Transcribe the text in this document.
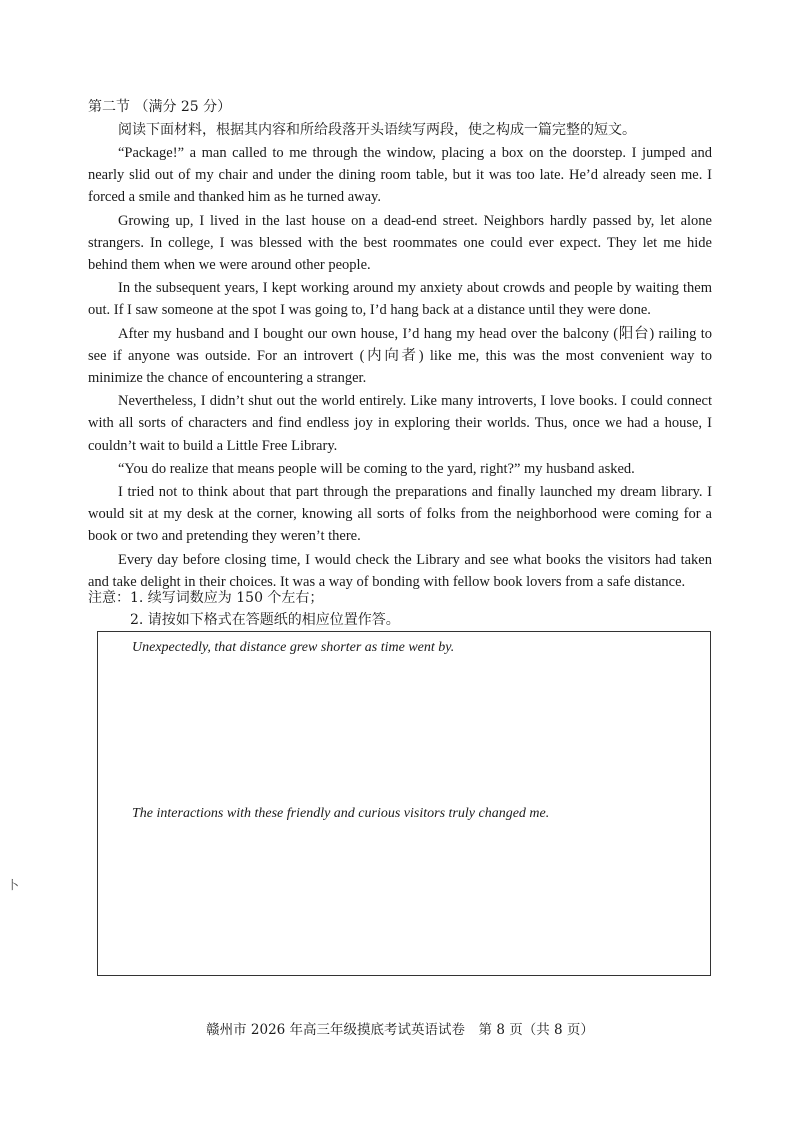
第二节 （满分 25 分）
阅读下面材料，根据其内容和所给段落开头语续写两段，使之构成一篇完整的短文。

“Package!” a man called to me through the window, placing a box on the doorstep. I jumped and nearly slid out of my chair and under the dining room table, but it was too late. He’d already seen me. I forced a smile and thanked him as he turned away.

Growing up, I lived in the last house on a dead-end street. Neighbors hardly passed by, let alone strangers. In college, I was blessed with the best roommates one could ever expect. They let me hide behind them when we were around other people.

In the subsequent years, I kept working around my anxiety about crowds and people by waiting them out. If I saw someone at the spot I was going to, I’d hang back at a distance until they were done.

After my husband and I bought our own house, I’d hang my head over the balcony (阳台) railing to see if anyone was outside. For an introvert (内向者) like me, this was the most convenient way to minimize the chance of encountering a stranger.

Nevertheless, I didn’t shut out the world entirely. Like many introverts, I love books. I could connect with all sorts of characters and find endless joy in exploring their worlds. Thus, once we had a house, I couldn’t wait to build a Little Free Library.

“You do realize that means people will be coming to the yard, right?” my husband asked.

I tried not to think about that part through the preparations and finally launched my dream library. I would sit at my desk at the corner, knowing all sorts of folks from the neighborhood were coming for a book or two and pretending they weren’t there.

Every day before closing time, I would check the Library and see what books the visitors had taken and take delight in their choices. It was a way of bonding with fellow book lovers from a safe distance.

注意：1. 续写词数应为 150 个左右；
2. 请按如下格式在答题纸的相应位置作答。
Unexpectedly, that distance grew shorter as time went by.
The interactions with these friendly and curious visitors truly changed me.
卜
赣州市 2026 年高三年级摸底考试英语试卷　第 8 页（共 8 页）
